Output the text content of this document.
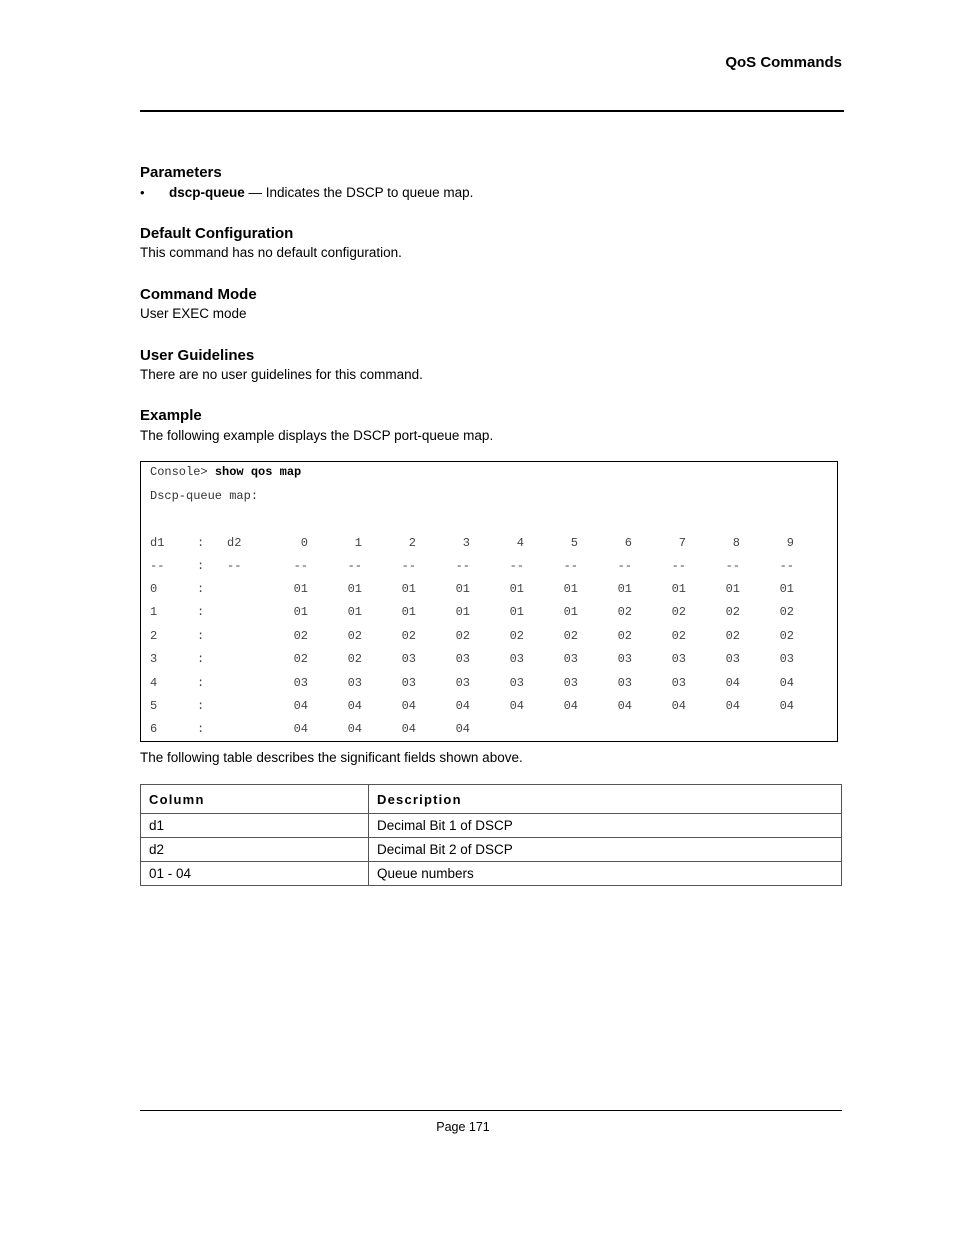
QoS Commands
Parameters
• dscp-queue — Indicates the DSCP to queue map.
Default Configuration
This command has no default configuration.
Command Mode
User EXEC mode
User Guidelines
There are no user guidelines for this command.
Example
The following example displays the DSCP port-queue map.
Console> show qos map
Dscp-queue map:
d1	: d2	0	1	2	3	4	5	6	7	8	9
--	: --	--	--	--	--	--	--	--	--	--	--
0	:	01	01	01	01	01	01	01	01	01	01
1	:	01	01	01	01	01	01	02	02	02	02
2	:	02	02	02	02	02	02	02	02	02	02
3	:	02	02	03	03	03	03	03	03	03	03
4	:	03	03	03	03	03	03	03	03	04	04
5	:	04	04	04	04	04	04	04	04	04	04
6	:	04	04	04	04
The following table describes the significant fields shown above.
Column	Description
d1	Decimal Bit 1 of DSCP
d2	Decimal Bit 2 of DSCP
01 - 04	Queue numbers
Page 171
